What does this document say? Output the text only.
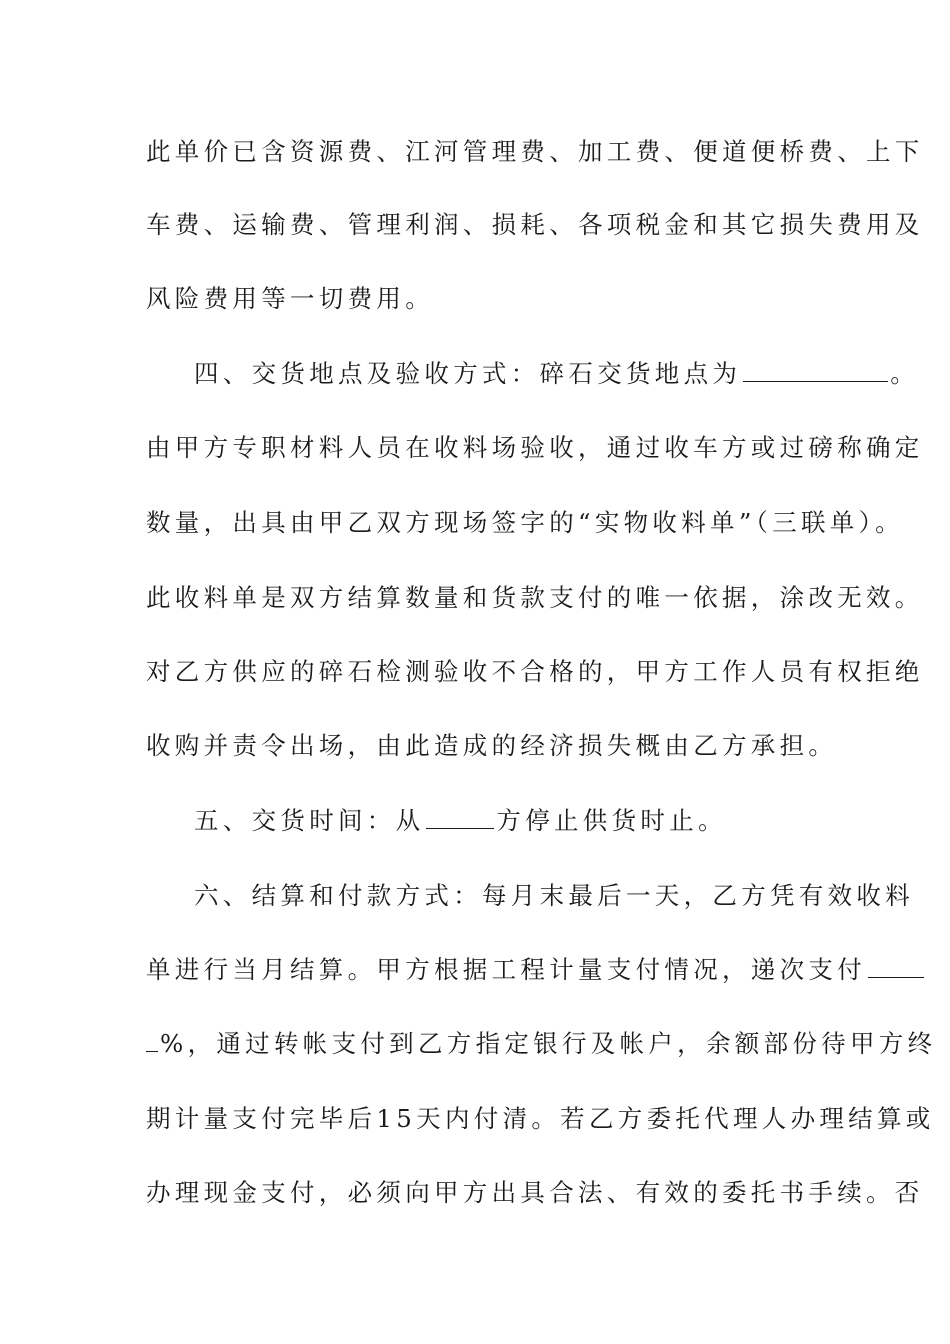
此单价已含资源费、江河管理费、加工费、便道便桥费、上下
车费、运输费、管理利润、损耗、各项税金和其它损失费用及
风险费用等一切费用。
四、交货地点及验收方式：碎石交货地点为	。
由甲方专职材料人员在收料场验收，通过收车方或过磅称确定
数量，出具由甲乙双方现场签字的“实物收料单”（三联单）。
此收料单是双方结算数量和货款支付的唯一依据，涂改无效。
对乙方供应的碎石检测验收不合格的，甲方工作人员有权拒绝
收购并责令出场，由此造成的经济损失概由乙方承担。
五、交货时间：从	方停止供货时止。
六、结算和付款方式：每月末最后一天，乙方凭有效收料
单进行当月结算。甲方根据工程计量支付情况，递次支付
%，通过转帐支付到乙方指定银行及帐户，余额部份待甲方终
期计量支付完毕后15天内付清。若乙方委托代理人办理结算或
办理现金支付，必须向甲方出具合法、有效的委托书手续。否
